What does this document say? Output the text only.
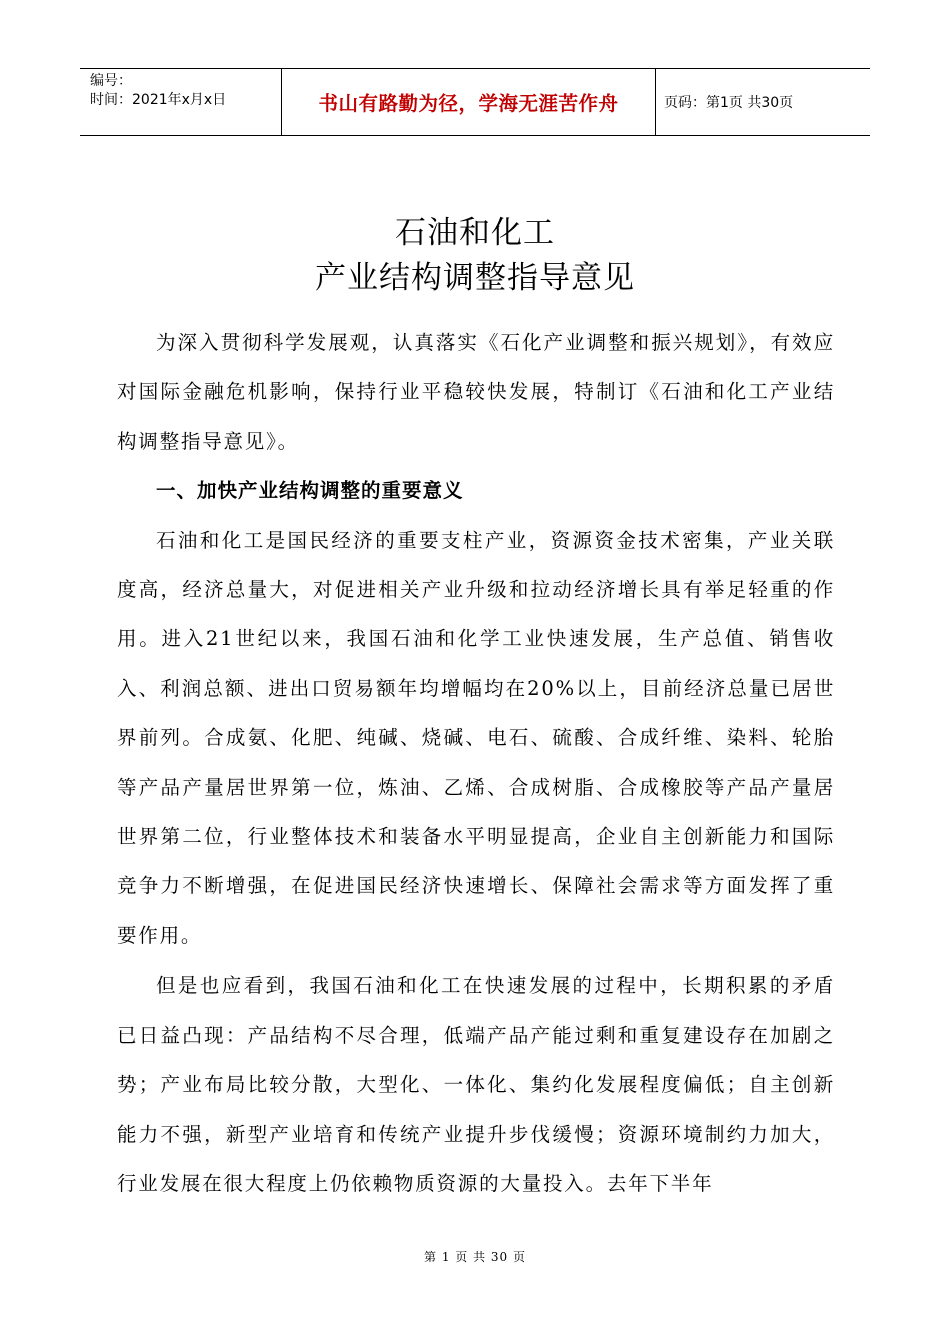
编号：
时间：2021年x月x日	书山有路勤为径，学海无涯苦作舟	页码：第1页 共30页
石油和化工
产业结构调整指导意见

为深入贯彻科学发展观，认真落实《石化产业调整和振兴规划》，有效应对国际金融危机影响，保持行业平稳较快发展，特制订《石油和化工产业结构调整指导意见》。

一、加快产业结构调整的重要意义

石油和化工是国民经济的重要支柱产业，资源资金技术密集，产业关联度高，经济总量大，对促进相关产业升级和拉动经济增长具有举足轻重的作用。进入21世纪以来，我国石油和化学工业快速发展，生产总值、销售收入、利润总额、进出口贸易额年均增幅均在20%以上，目前经济总量已居世界前列。合成氨、化肥、纯碱、烧碱、电石、硫酸、合成纤维、染料、轮胎等产品产量居世界第一位，炼油、乙烯、合成树脂、合成橡胶等产品产量居世界第二位，行业整体技术和装备水平明显提高，企业自主创新能力和国际竞争力不断增强，在促进国民经济快速增长、保障社会需求等方面发挥了重要作用。

但是也应看到，我国石油和化工在快速发展的过程中，长期积累的矛盾已日益凸现：产品结构不尽合理，低端产品产能过剩和重复建设存在加剧之势；产业布局比较分散，大型化、一体化、集约化发展程度偏低；自主创新能力不强，新型产业培育和传统产业提升步伐缓慢；资源环境制约力加大，行业发展在很大程度上仍依赖物质资源的大量投入。去年下半年

第 1 页 共 30 页
